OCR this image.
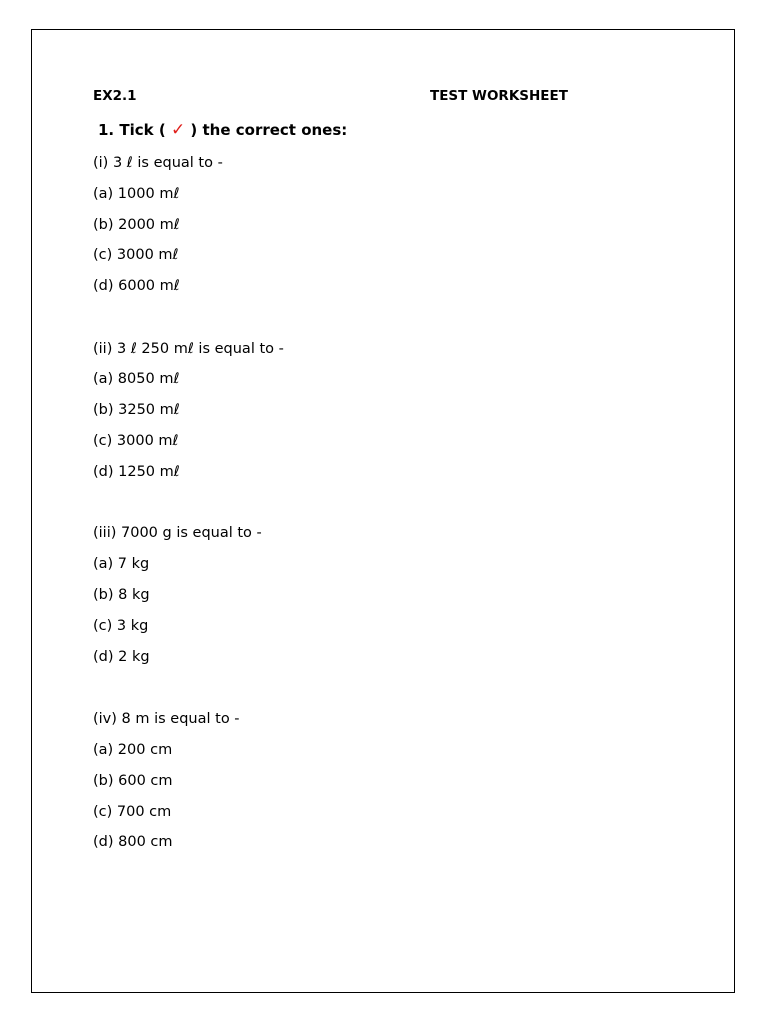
EX2.1	TEST WORKSHEET
1. Tick ( ✓ ) the correct ones:
(i) 3 ℓ is equal to -
(a) 1000 mℓ
(b) 2000 mℓ
(c) 3000 mℓ
(d) 6000 mℓ
(ii) 3 ℓ 250 mℓ is equal to -
(a) 8050 mℓ
(b) 3250 mℓ
(c) 3000 mℓ
(d) 1250 mℓ
(iii) 7000 g is equal to -
(a) 7 kg
(b) 8 kg
(c) 3 kg
(d) 2 kg
(iv) 8 m is equal to -
(a) 200 cm
(b) 600 cm
(c) 700 cm
(d) 800 cm
